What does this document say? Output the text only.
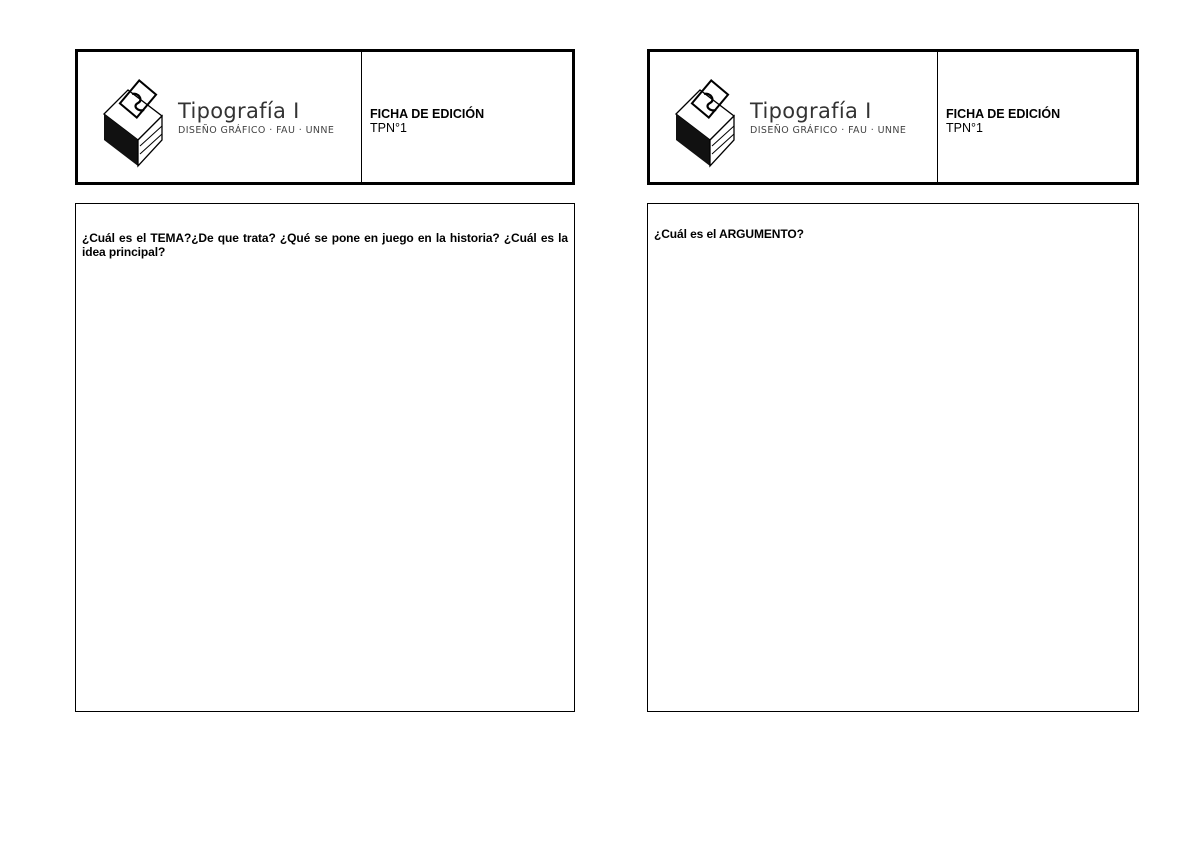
Tipografía I
DISEÑO GRÁFICO · FAU · UNNE
FICHA DE EDICIÓN
TPN°1
¿Cuál es el TEMA?¿De que trata? ¿Qué se pone en juego en la historia? ¿Cuál es la idea principal?
Tipografía I
DISEÑO GRÁFICO · FAU · UNNE
FICHA DE EDICIÓN
TPN°1
¿Cuál es el ARGUMENTO?
